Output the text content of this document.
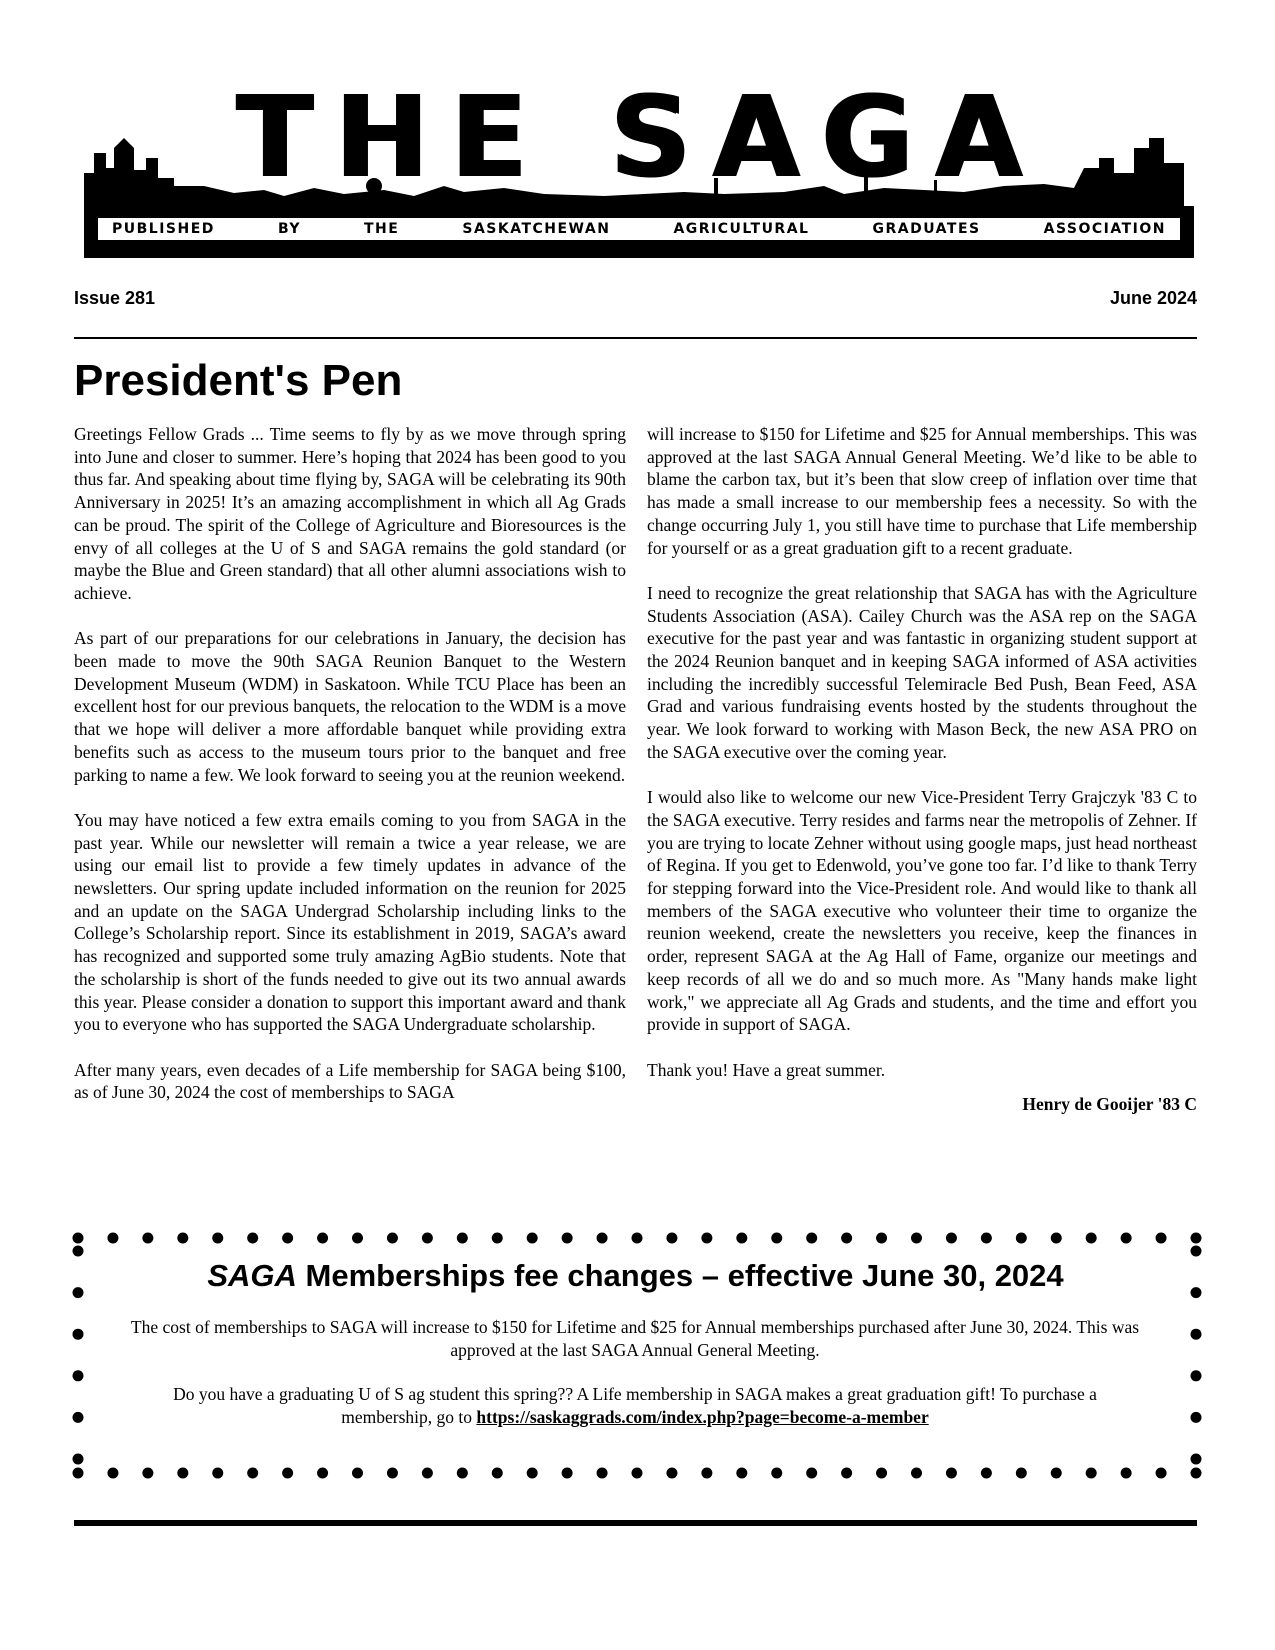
THE SAGA
PUBLISHED	BY	THE	SASKATCHEWAN	AGRICULTURAL	GRADUATES	ASSOCIATION
Issue 281	June 2024
President's Pen

Greetings Fellow Grads ... Time seems to fly by as we move through spring into June and closer to summer. Here’s hoping that 2024 has been good to you thus far. And speaking about time flying by, SAGA will be celebrating its 90th Anniversary in 2025! It’s an amazing accomplishment in which all Ag Grads can be proud. The spirit of the College of Agriculture and Bioresources is the envy of all colleges at the U of S and SAGA remains the gold standard (or maybe the Blue and Green standard) that all other alumni associations wish to achieve.

As part of our preparations for our celebrations in January, the decision has been made to move the 90th SAGA Reunion Banquet to the Western Development Museum (WDM) in Saskatoon. While TCU Place has been an excellent host for our previous banquets, the relocation to the WDM is a move that we hope will deliver a more affordable banquet while providing extra benefits such as access to the museum tours prior to the banquet and free parking to name a few. We look forward to seeing you at the reunion weekend.

You may have noticed a few extra emails coming to you from SAGA in the past year. While our newsletter will remain a twice a year release, we are using our email list to provide a few timely updates in advance of the newsletters. Our spring update included information on the reunion for 2025 and an update on the SAGA Undergrad Scholarship including links to the College’s Scholarship report. Since its establishment in 2019, SAGA’s award has recognized and supported some truly amazing AgBio students. Note that the scholarship is short of the funds needed to give out its two annual awards this year. Please consider a donation to support this important award and thank you to everyone who has supported the SAGA Undergraduate scholarship.

After many years, even decades of a Life membership for SAGA being $100, as of June 30, 2024 the cost of memberships to SAGA

will increase to $150 for Lifetime and $25 for Annual memberships. This was approved at the last SAGA Annual General Meeting. We’d like to be able to blame the carbon tax, but it’s been that slow creep of inflation over time that has made a small increase to our membership fees a necessity. So with the change occurring July 1, you still have time to purchase that Life membership for yourself or as a great graduation gift to a recent graduate.

I need to recognize the great relationship that SAGA has with the Agriculture Students Association (ASA). Cailey Church was the ASA rep on the SAGA executive for the past year and was fantastic in organizing student support at the 2024 Reunion banquet and in keeping SAGA informed of ASA activities including the incredibly successful Telemiracle Bed Push, Bean Feed, ASA Grad and various fundraising events hosted by the students throughout the year. We look forward to working with Mason Beck, the new ASA PRO on the SAGA executive over the coming year.

I would also like to welcome our new Vice-President Terry Grajczyk '83 C to the SAGA executive. Terry resides and farms near the metropolis of Zehner. If you are trying to locate Zehner without using google maps, just head northeast of Regina. If you get to Edenwold, you’ve gone too far. I’d like to thank Terry for stepping forward into the Vice-President role. And would like to thank all members of the SAGA executive who volunteer their time to organize the reunion weekend, create the newsletters you receive, keep the finances in order, represent SAGA at the Ag Hall of Fame, organize our meetings and keep records of all we do and so much more. As "Many hands make light work," we appreciate all Ag Grads and students, and the time and effort you provide in support of SAGA.

Thank you! Have a great summer.

Henry de Gooijer '83 C
SAGA Memberships fee changes – effective June 30, 2024

The cost of memberships to SAGA will increase to $150 for Lifetime and $25 for Annual memberships purchased after June 30, 2024. This was approved at the last SAGA Annual General Meeting.

Do you have a graduating U of S ag student this spring?? A Life membership in SAGA makes a great graduation gift! To purchase a membership, go to https://saskaggrads.com/index.php?page=become-a-member
